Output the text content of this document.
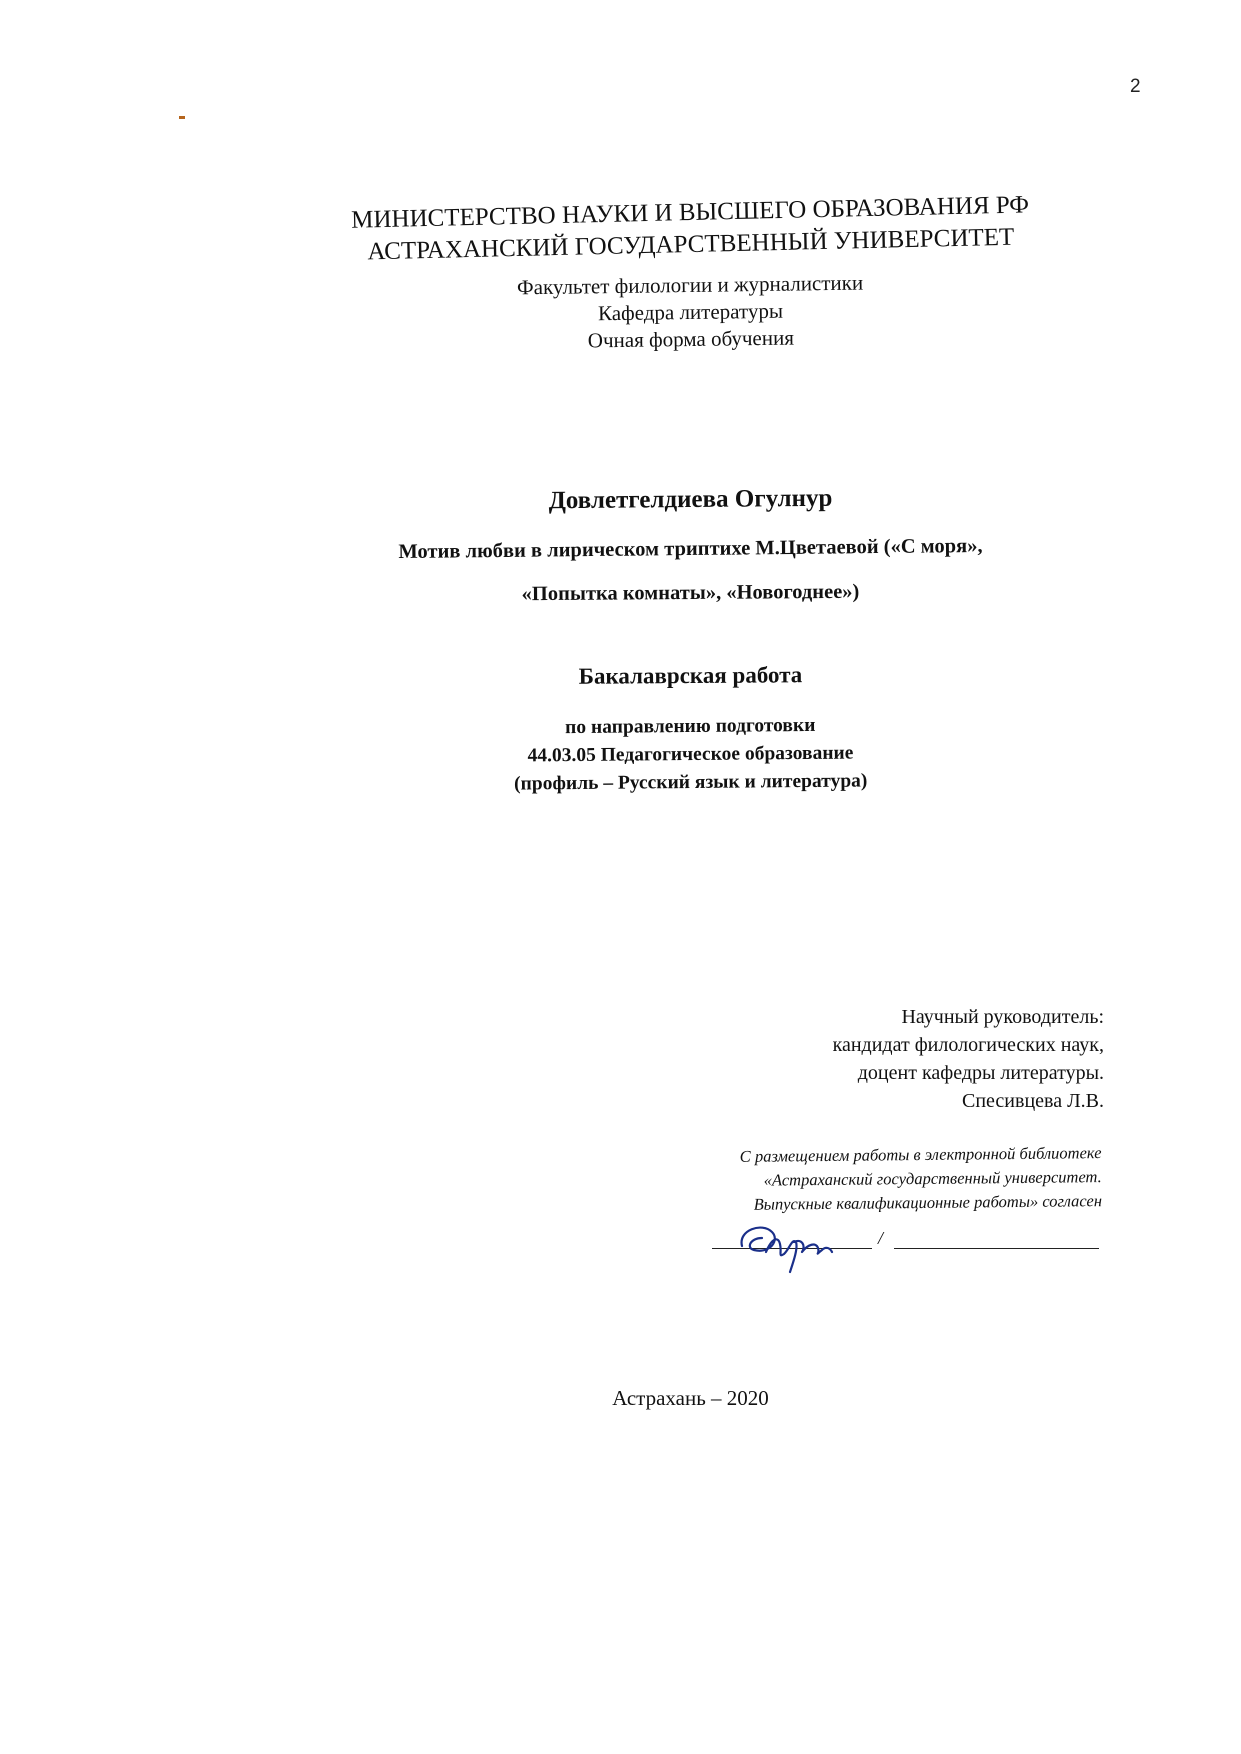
2
МИНИСТЕРСТВО НАУКИ И ВЫСШЕГО ОБРАЗОВАНИЯ РФ
АСТРАХАНСКИЙ ГОСУДАРСТВЕННЫЙ УНИВЕРСИТЕТ
Факультет филологии и журналистики
Кафедра литературы
Очная форма обучения
Довлетгелдиева Огулнур
Мотив любви в лирическом триптихе М.Цветаевой («С моря»,
«Попытка комнаты», «Новогоднее»)
Бакалаврская работа
по направлению подготовки
44.03.05 Педагогическое образование
(профиль – Русский язык и литература)
Научный руководитель:
кандидат филологических наук,
доцент кафедры литературы.
Спесивцева Л.В.
С размещением работы в электронной библиотеке
«Астраханский государственный университет.
Выпускные квалификационные работы» согласен
/
Астрахань – 2020
